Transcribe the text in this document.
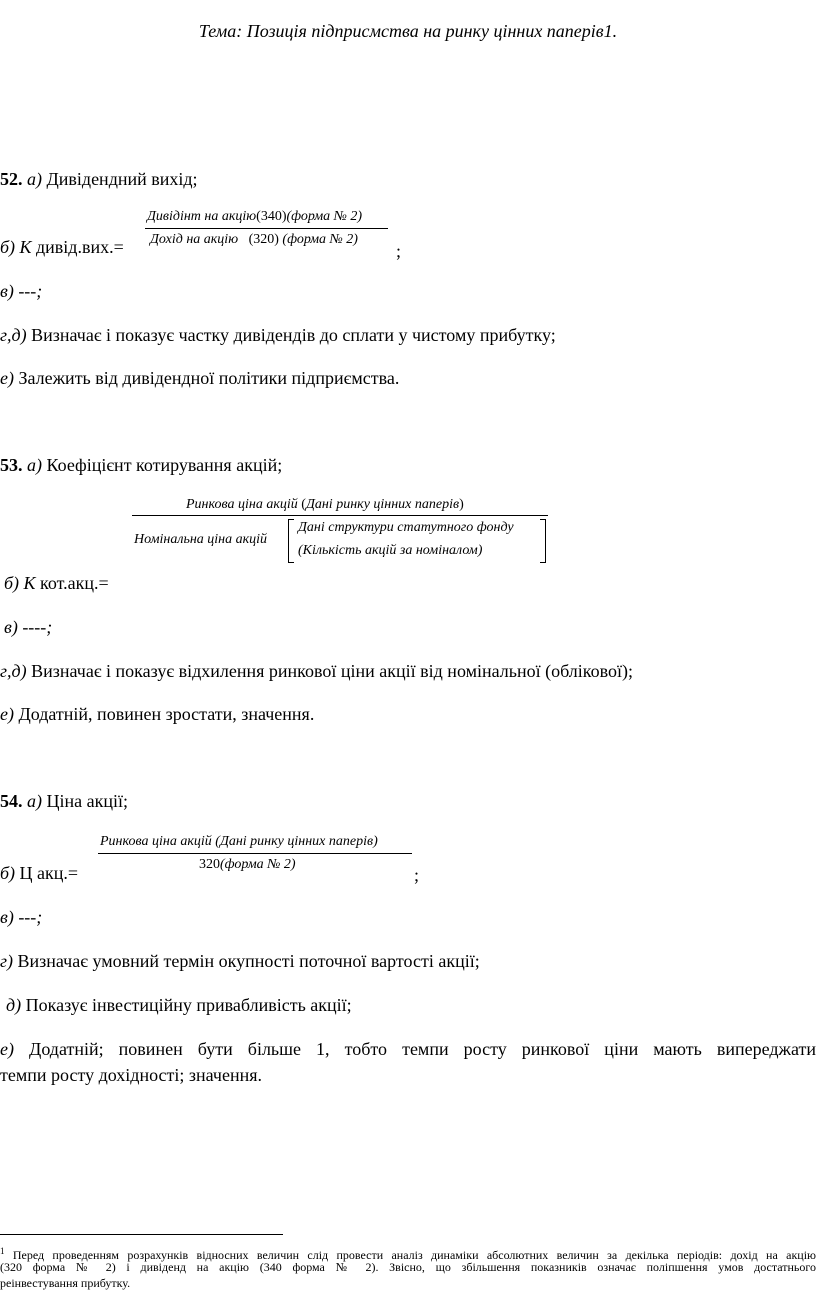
Тема: Позиція підприсмства на ринку цінних паперів1.
52. а) Дивідендний вихід;
б) К дивід.вих.=
Дивідінт на акцію(340)(форма № 2)
Дохід на акцію (320) (форма № 2)
;
в) ---;
г,д) Визначає і показує частку дивідендів до сплати у чистому прибутку;
е) Залежить від дивідендної політики підприємства.
53. а) Коефіцієнт котирування акцій;
Ринкова ціна акцій (Дані ринку цінних паперів)
Номінальна ціна акцій
Дані структури статутного фонду
(Кількість акцій за номіналом)
б) К кот.акц.=
в) ----;
г,д) Визначає і показує відхилення ринкової ціни акції від номінальної (облікової);
е) Додатній, повинен зростати, значення.
54. а) Ціна акції;
Ринкова ціна акцій (Дані ринку цінних паперів)
320(форма № 2)
б) Ц акц.=	;
в) ---;
г) Визначає умовний термін окупності поточної вартості акції;
д) Показує інвестиційну привабливість акції;
е) Додатній; повинен бути більше 1, тобто темпи росту ринкової ціни мають випереджати
темпи росту дохідності; значення.
$^1$ Перед проведенням розрахунків відносних величин слід провести аналіз динаміки абсолютних величин за декілька періодів: дохід на акцію
(320 форма № 2) і дивіденд на акцію (340 форма № 2). Звісно, що збільшення показників означає поліпшення умов достатнього
реінвестування прибутку.
